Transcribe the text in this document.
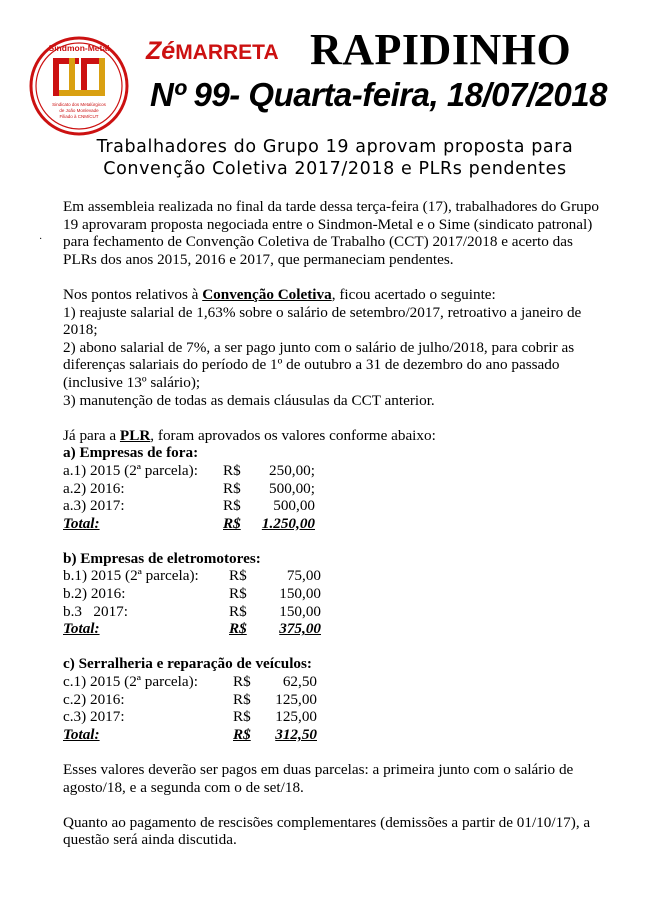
Sindmon-Metal
Sindicato dos Metalúrgicos
de João Monlevade
Filiado à CNM/CUT
ZéMARRETA RAPIDINHO
Nº 99- Quarta-feira, 18/07/2018
Trabalhadores do Grupo 19 aprovam proposta para
Convenção Coletiva 2017/2018 e PLRs pendentes
·

Em assembleia realizada no final da tarde dessa terça-feira (17), trabalhadores do Grupo 19 aprovaram proposta negociada entre o Sindmon-Metal e o Sime (sindicato patronal) para fechamento de Convenção Coletiva de Trabalho (CCT) 2017/2018 e acerto das PLRs dos anos 2015, 2016 e 2017, que permaneciam pendentes.

Nos pontos relativos à Convenção Coletiva, ficou acertado o seguinte:

1) reajuste salarial de 1,63% sobre o salário de setembro/2017, retroativo a janeiro de 2018;

2) abono salarial de 7%, a ser pago junto com o salário de julho/2018, para cobrir as diferenças salariais do período de 1º de outubro a 31 de dezembro do ano passado (inclusive 13º salário);

3) manutenção de todas as demais cláusulas da CCT anterior.

Já para a PLR, foram aprovados os valores conforme abaixo:

a) Empresas de fora:
a.1) 2015 (2ª parcela):	R$	250,00;
a.2) 2016:	R$	500,00;
a.3) 2017:	R$	500,00
Total:	R$	1.250,00
b) Empresas de eletromotores:
b.1) 2015 (2ª parcela):	R$	75,00
b.2) 2016:	R$	150,00
b.3   2017:	R$	150,00
Total:	R$	375,00
c) Serralheria e reparação de veículos:
c.1) 2015 (2ª parcela):	R$	62,50
c.2) 2016:	R$	125,00
c.3) 2017:	R$	125,00
Total:	R$	312,50

Esses valores deverão ser pagos em duas parcelas: a primeira junto com o salário de agosto/18, e a segunda com o de set/18.

Quanto ao pagamento de rescisões complementares (demissões a partir de 01/10/17), a questão será ainda discutida.
